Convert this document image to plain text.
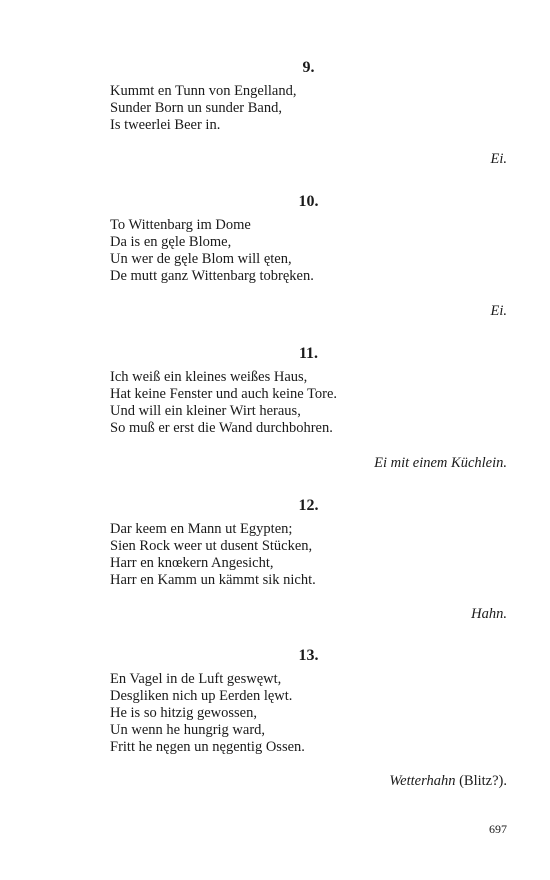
9.
Kummt en Tunn von Engelland,
Sunder Born un sunder Band,
Is tweerlei Beer in.
Ei.
10.
To Wittenbarg im Dome
Da is en gęle Blome,
Un wer de gęle Blom will ęten,
De mutt ganz Wittenbarg tobręken.
Ei.
11.
Ich weiß ein kleines weißes Haus,
Hat keine Fenster und auch keine Tore.
Und will ein kleiner Wirt heraus,
So muß er erst die Wand durchbohren.
Ei mit einem Küchlein.
12.
Dar keem en Mann ut Egypten;
Sien Rock weer ut dusent Stücken,
Harr en knœkern Angesicht,
Harr en Kamm un kämmt sik nicht.
Hahn.
13.
En Vagel in de Luft geswęwt,
Desgliken nich up Eerden lęwt.
He is so hitzig gewossen,
Un wenn he hungrig ward,
Fritt he nęgen un nęgentig Ossen.
Wetterhahn (Blitz?).
697
